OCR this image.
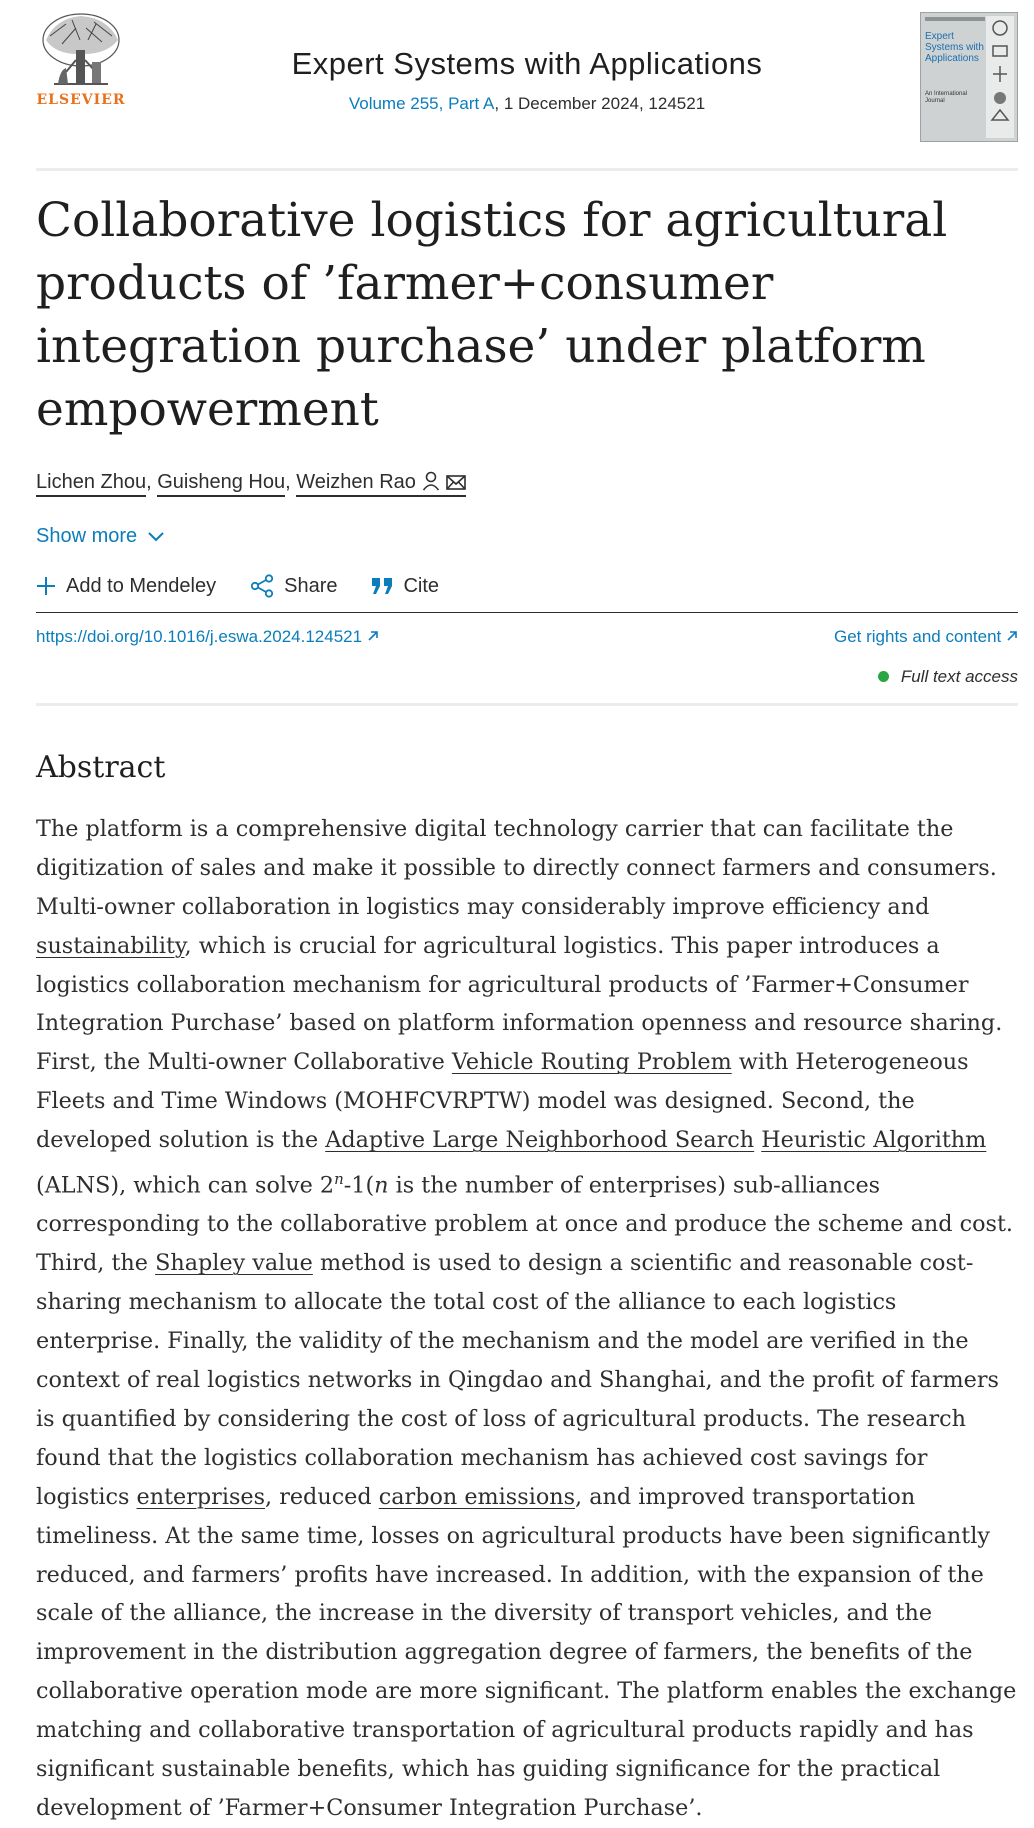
ELSEVIER
Expert Systems with Applications
Volume 255, Part A, 1 December 2024, 124521
Expert Systems with Applications
An International Journal
Collaborative logistics for agricultural products of ’farmer+consumer integration purchase’ under platform empowerment
Lichen Zhou, Guisheng Hou, Weizhen Rao
Show more
Add to Mendeley	Share	Cite
https://doi.org/10.1016/j.eswa.2024.124521	Get rights and content
Full text access
Abstract
The platform is a comprehensive digital technology carrier that can facilitate the digitization of sales and make it possible to directly connect farmers and consumers. Multi-owner collaboration in logistics may considerably improve efficiency and sustainability, which is crucial for agricultural logistics. This paper introduces a logistics collaboration mechanism for agricultural products of ’Farmer+Consumer Integration Purchase’ based on platform information openness and resource sharing. First, the Multi-owner Collaborative Vehicle Routing Problem with Heterogeneous Fleets and Time Windows (MOHFCVRPTW) model was designed. Second, the developed solution is the Adaptive Large Neighborhood Search Heuristic Algorithm (ALNS), which can solve 2$^n$-1(n is the number of enterprises) sub-alliances corresponding to the collaborative problem at once and produce the scheme and cost. Third, the Shapley value method is used to design a scientific and reasonable cost-sharing mechanism to allocate the total cost of the alliance to each logistics enterprise. Finally, the validity of the mechanism and the model are verified in the context of real logistics networks in Qingdao and Shanghai, and the profit of farmers is quantified by considering the cost of loss of agricultural products. The research found that the logistics collaboration mechanism has achieved cost savings for logistics enterprises, reduced carbon emissions, and improved transportation timeliness. At the same time, losses on agricultural products have been significantly reduced, and farmers’ profits have increased. In addition, with the expansion of the scale of the alliance, the increase in the diversity of transport vehicles, and the improvement in the distribution aggregation degree of farmers, the benefits of the collaborative operation mode are more significant. The platform enables the exchange matching and collaborative transportation of agricultural products rapidly and has significant sustainable benefits, which has guiding significance for the practical development of ’Farmer+Consumer Integration Purchase’.
